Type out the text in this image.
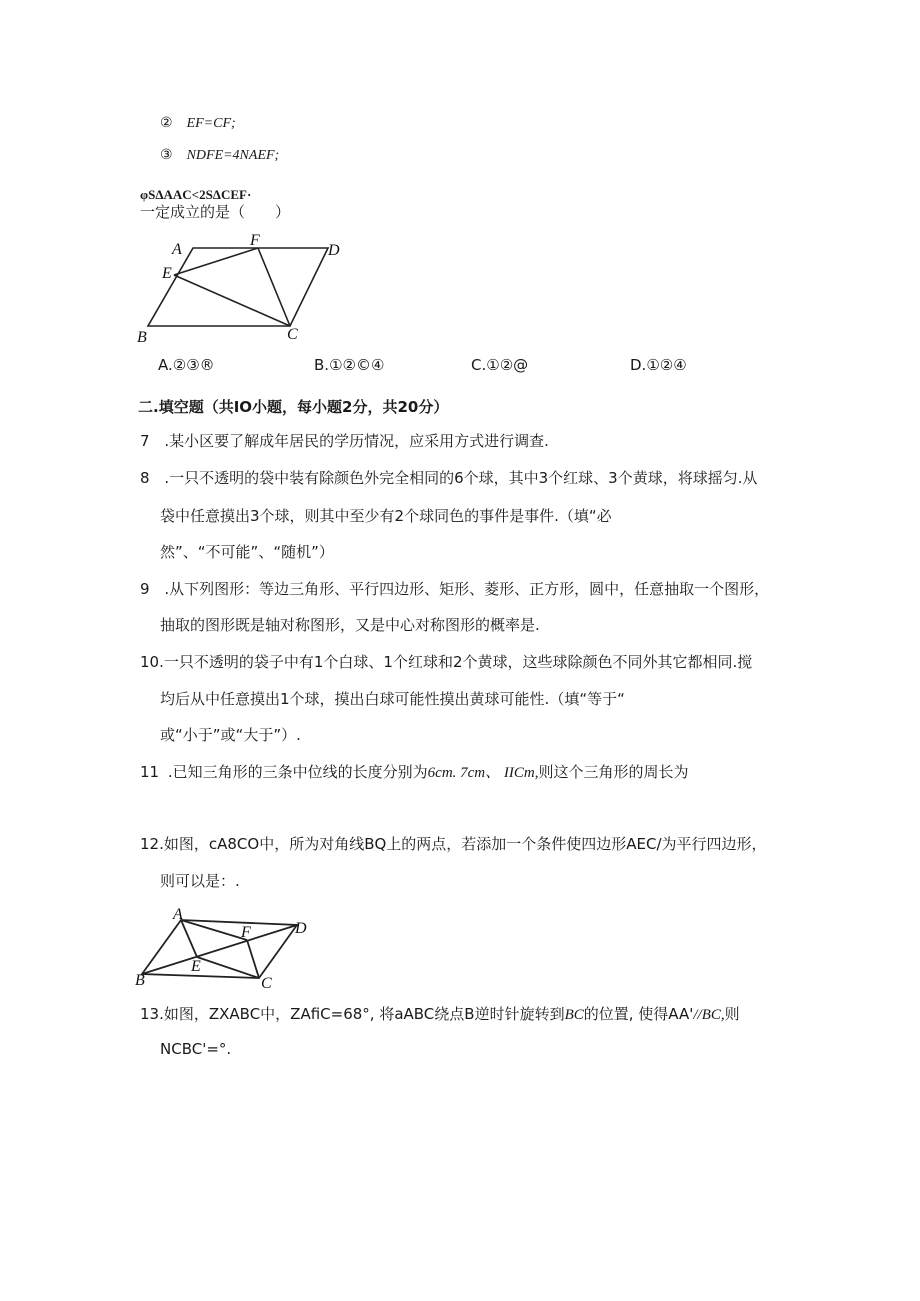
② EF=CF;
③ NDFE=4NAEF;
φSΔAAC<2SΔCEF·
一定成立的是（　　）
A
F
D
E
B	C
A.②③®	B.①②©④	C.①②@	D.①②④
二.填空题（共IO小题，每小题2分，共20分）
7 .某小区要了解成年居民的学历情况，应采用方式进行调查.
8 .一只不透明的袋中装有除颜色外完全相同的6个球，其中3个红球、3个黄球，将球摇匀.从
袋中任意摸出3个球，则其中至少有2个球同色的事件是事件.（填“必
然”、“不可能”、“随机”）
9 .从下列图形：等边三角形、平行四边形、矩形、菱形、正方形，圆中，任意抽取一个图形，
抽取的图形既是轴对称图形，又是中心对称图形的概率是.
10.一只不透明的袋子中有1个白球、1个红球和2个黄球，这些球除颜色不同外其它都相同.搅
均后从中任意摸出1个球，摸出白球可能性摸出黄球可能性.（填“等于“
或“小于”或“大于”）.
11 .已知三角形的三条中位线的长度分别为6cm. 7cm、 IICm,则这个三角形的周长为
12.如图，cA8CO中，所为对角线BQ上的两点，若添加一个条件使四边形AEC/为平行四边形，
则可以是：.
A
F	D
E
B	C
13.如图，ZXABC中，ZAfiC=68°, 将aABC绕点B逆时针旋转到BC的位置, 使得AA'//BC,则
NCBC'=°.
